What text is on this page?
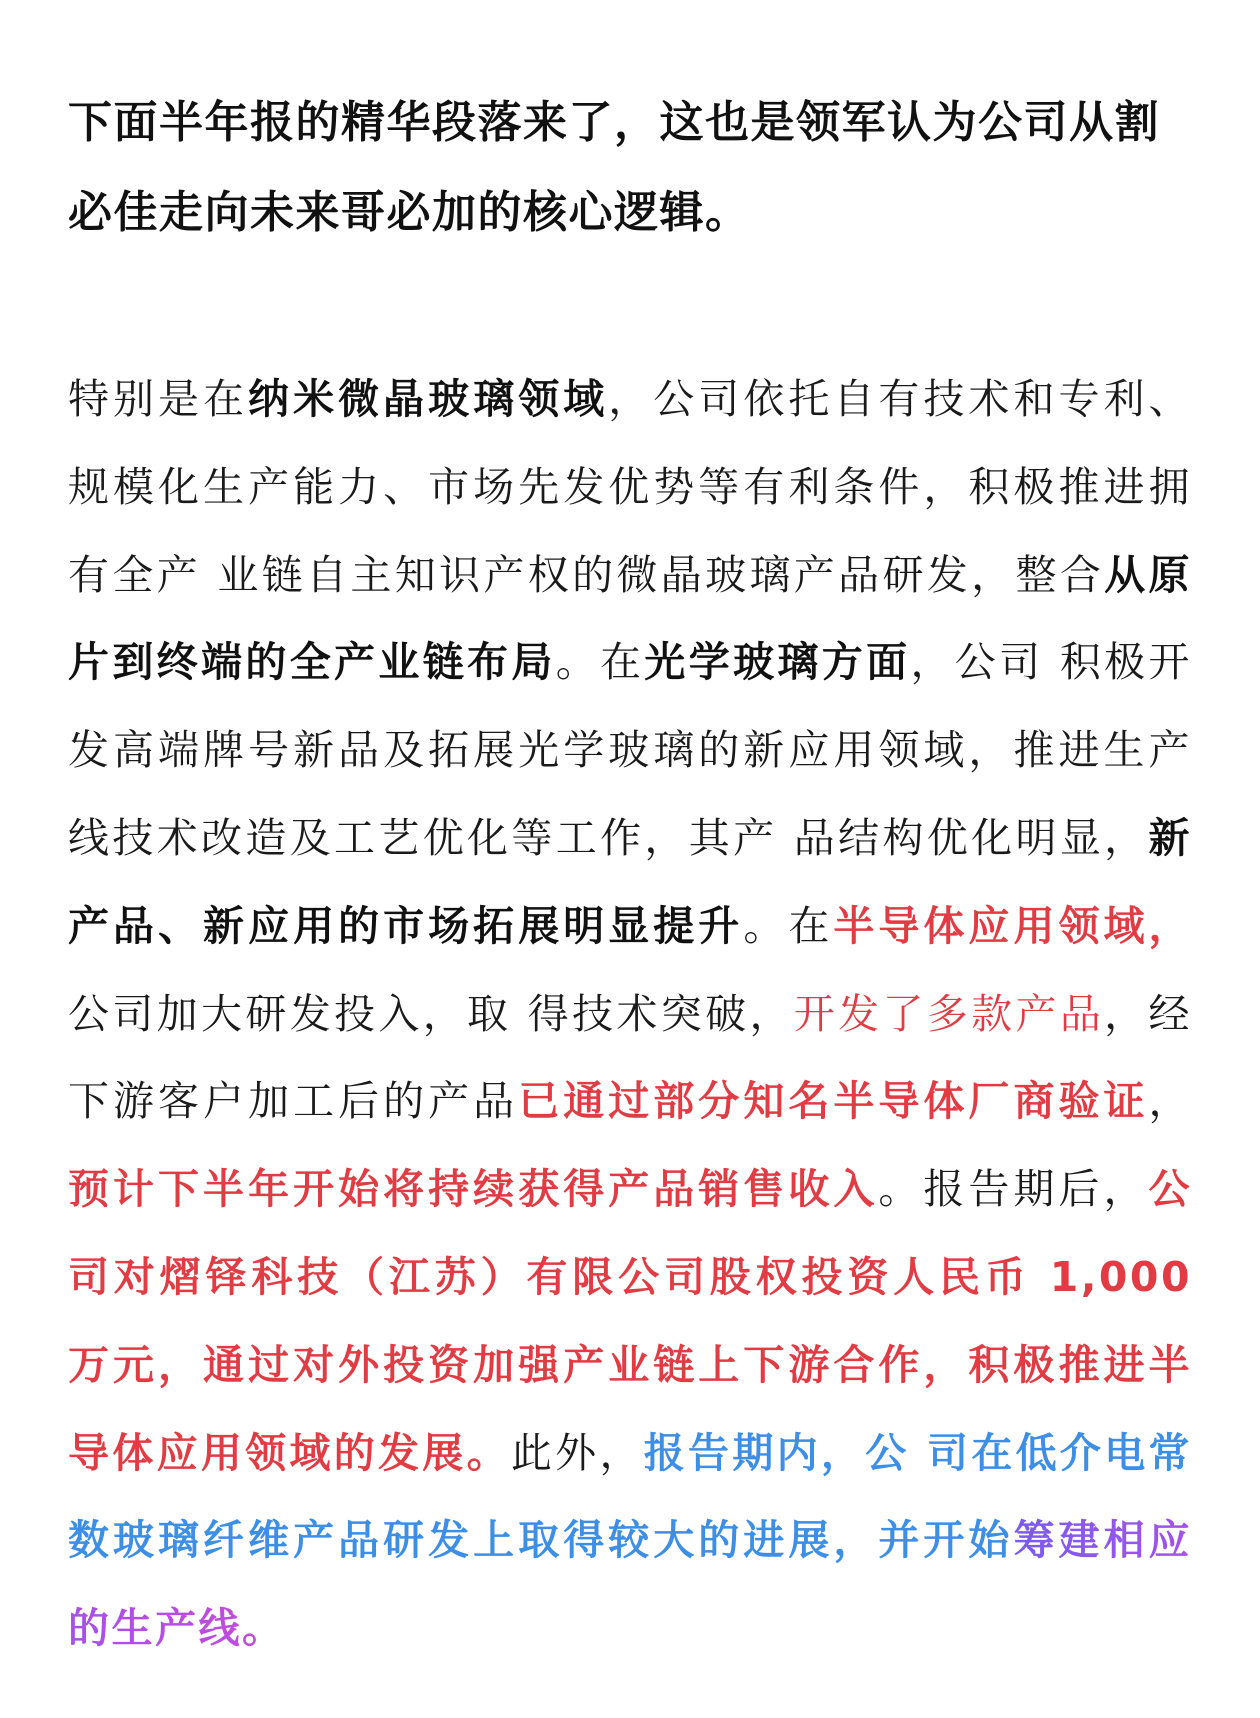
下面半年报的精华段落来了，这也是领军认为公司从割必佳走向未来哥必加的核心逻辑。

特别是在纳米微晶玻璃领域，公司依托自有技术和专利、规模化生产能力、市场先发优势等有利条件，积极推进拥有全产 业链自主知识产权的微晶玻璃产品研发，整合从原片到终端的全产业链布局。在光学玻璃方面，公司 积极开发高端牌号新品及拓展光学玻璃的新应用领域，推进生产线技术改造及工艺优化等工作，其产 品结构优化明显，新产品、新应用的市场拓展明显提升。在半导体应用领域，公司加大研发投入，取 得技术突破，开发了多款产品，经下游客户加工后的产品已通过部分知名半导体厂商验证，预计下半年开始将持续获得产品销售收入。报告期后，公司对熠铎科技（江苏）有限公司股权投资人民币 1,000 万元，通过对外投资加强产业链上下游合作，积极推进半导体应用领域的发展。此外，报告期内，公 司在低介电常数玻璃纤维产品研发上取得较大的进展，并开始筹建相应的生产线。
